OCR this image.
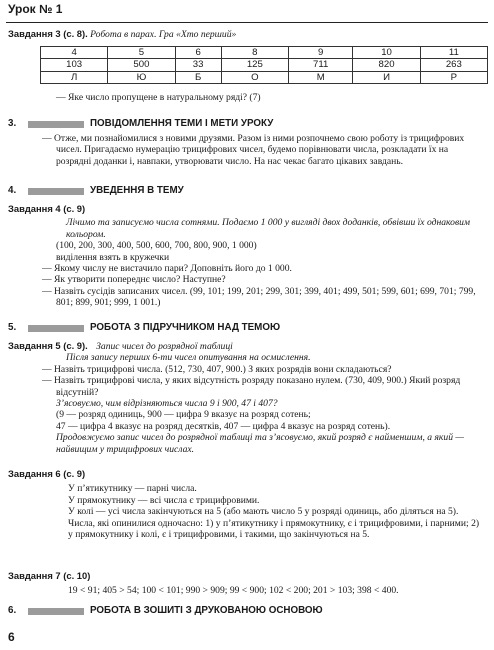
Урок № 1
Завдання 3 (с. 8). Робота в парах. Гра «Хто перший»
4	5	6	8	9	10	11
103	500	33	125	711	820	263
Л	Ю	Б	О	М	И	Р

— Яке число пропущене в натуральному ряді? (7)

3.	ПОВІДОМЛЕННЯ ТЕМИ І МЕТИ УРОКУ

— Отже, ми познайомилися з новими друзями. Разом із ними розпочнемо свою роботу із трицифрових чисел. Пригадаємо нумерацію трицифрових чисел, будемо порівнювати числа, розкладати їх на розрядні доданки і, навпаки, утворювати число. На нас чекає багато цікавих завдань.

4.	УВЕДЕННЯ В ТЕМУ
Завдання 4 (с. 9)

Лічимо та записуємо числа сотнями. Подаємо 1 000 у вигляді двох доданків, обвівши їх однаковим кольором.

(100, 200, 300, 400, 500, 600, 700, 800, 900, 1 000)

виділення взять в кружечки

— Якому числу не вистачило пари? Доповніть його до 1 000.

— Як утворити попереднє число? Наступне?

— Назвіть сусідів записаних чисел. (99, 101; 199, 201; 299, 301; 399, 401; 499, 501; 599, 601; 699, 701; 799, 801; 899, 901; 999, 1 001.)

5.	РОБОТА З ПІДРУЧНИКОМ НАД ТЕМОЮ
Завдання 5 (с. 9). Запис чисел до розрядної таблиці

Після запису перших 6-ти чисел опитування на осмислення.

— Назвіть трицифрові числа. (512, 730, 407, 900.) З яких розрядів вони складаються?

— Назвіть трицифрові числа, у яких відсутність розряду показано нулем. (730, 409, 900.) Який розряд відсутній?

З’ясовуємо, чим відрізняються числа 9 і 900, 47 і 407?

(9 — розряд одиниць, 900 — цифра 9 вказує на розряд сотень;

47 — цифра 4 вказує на розряд десятків, 407 — цифра 4 вказує на розряд сотень).

Продовжуємо запис чисел до розрядної таблиці та з’ясовуємо, який розряд є найменшим, а який — найвищим у трицифрових числах.

Завдання 6 (с. 9)

У п’ятикутнику — парні числа.

У прямокутнику — всі числа є трицифровими.

У колі — усі числа закінчуються на 5 (або мають число 5 у розряді одиниць, або діляться на 5).

Числа, які опинилися одночасно: 1) у п’ятикутнику і прямокутнику, є і трицифровими, і парними; 2) у прямокутнику і колі, є і трицифровими, і такими, що закінчуються на 5.

Завдання 7 (с. 10)

19 < 91; 405 > 54; 100 < 101; 990 > 909; 99 < 900; 102 < 200; 201 > 103; 398 < 400.

6.	РОБОТА В ЗОШИТІ З ДРУКОВАНОЮ ОСНОВОЮ
6
